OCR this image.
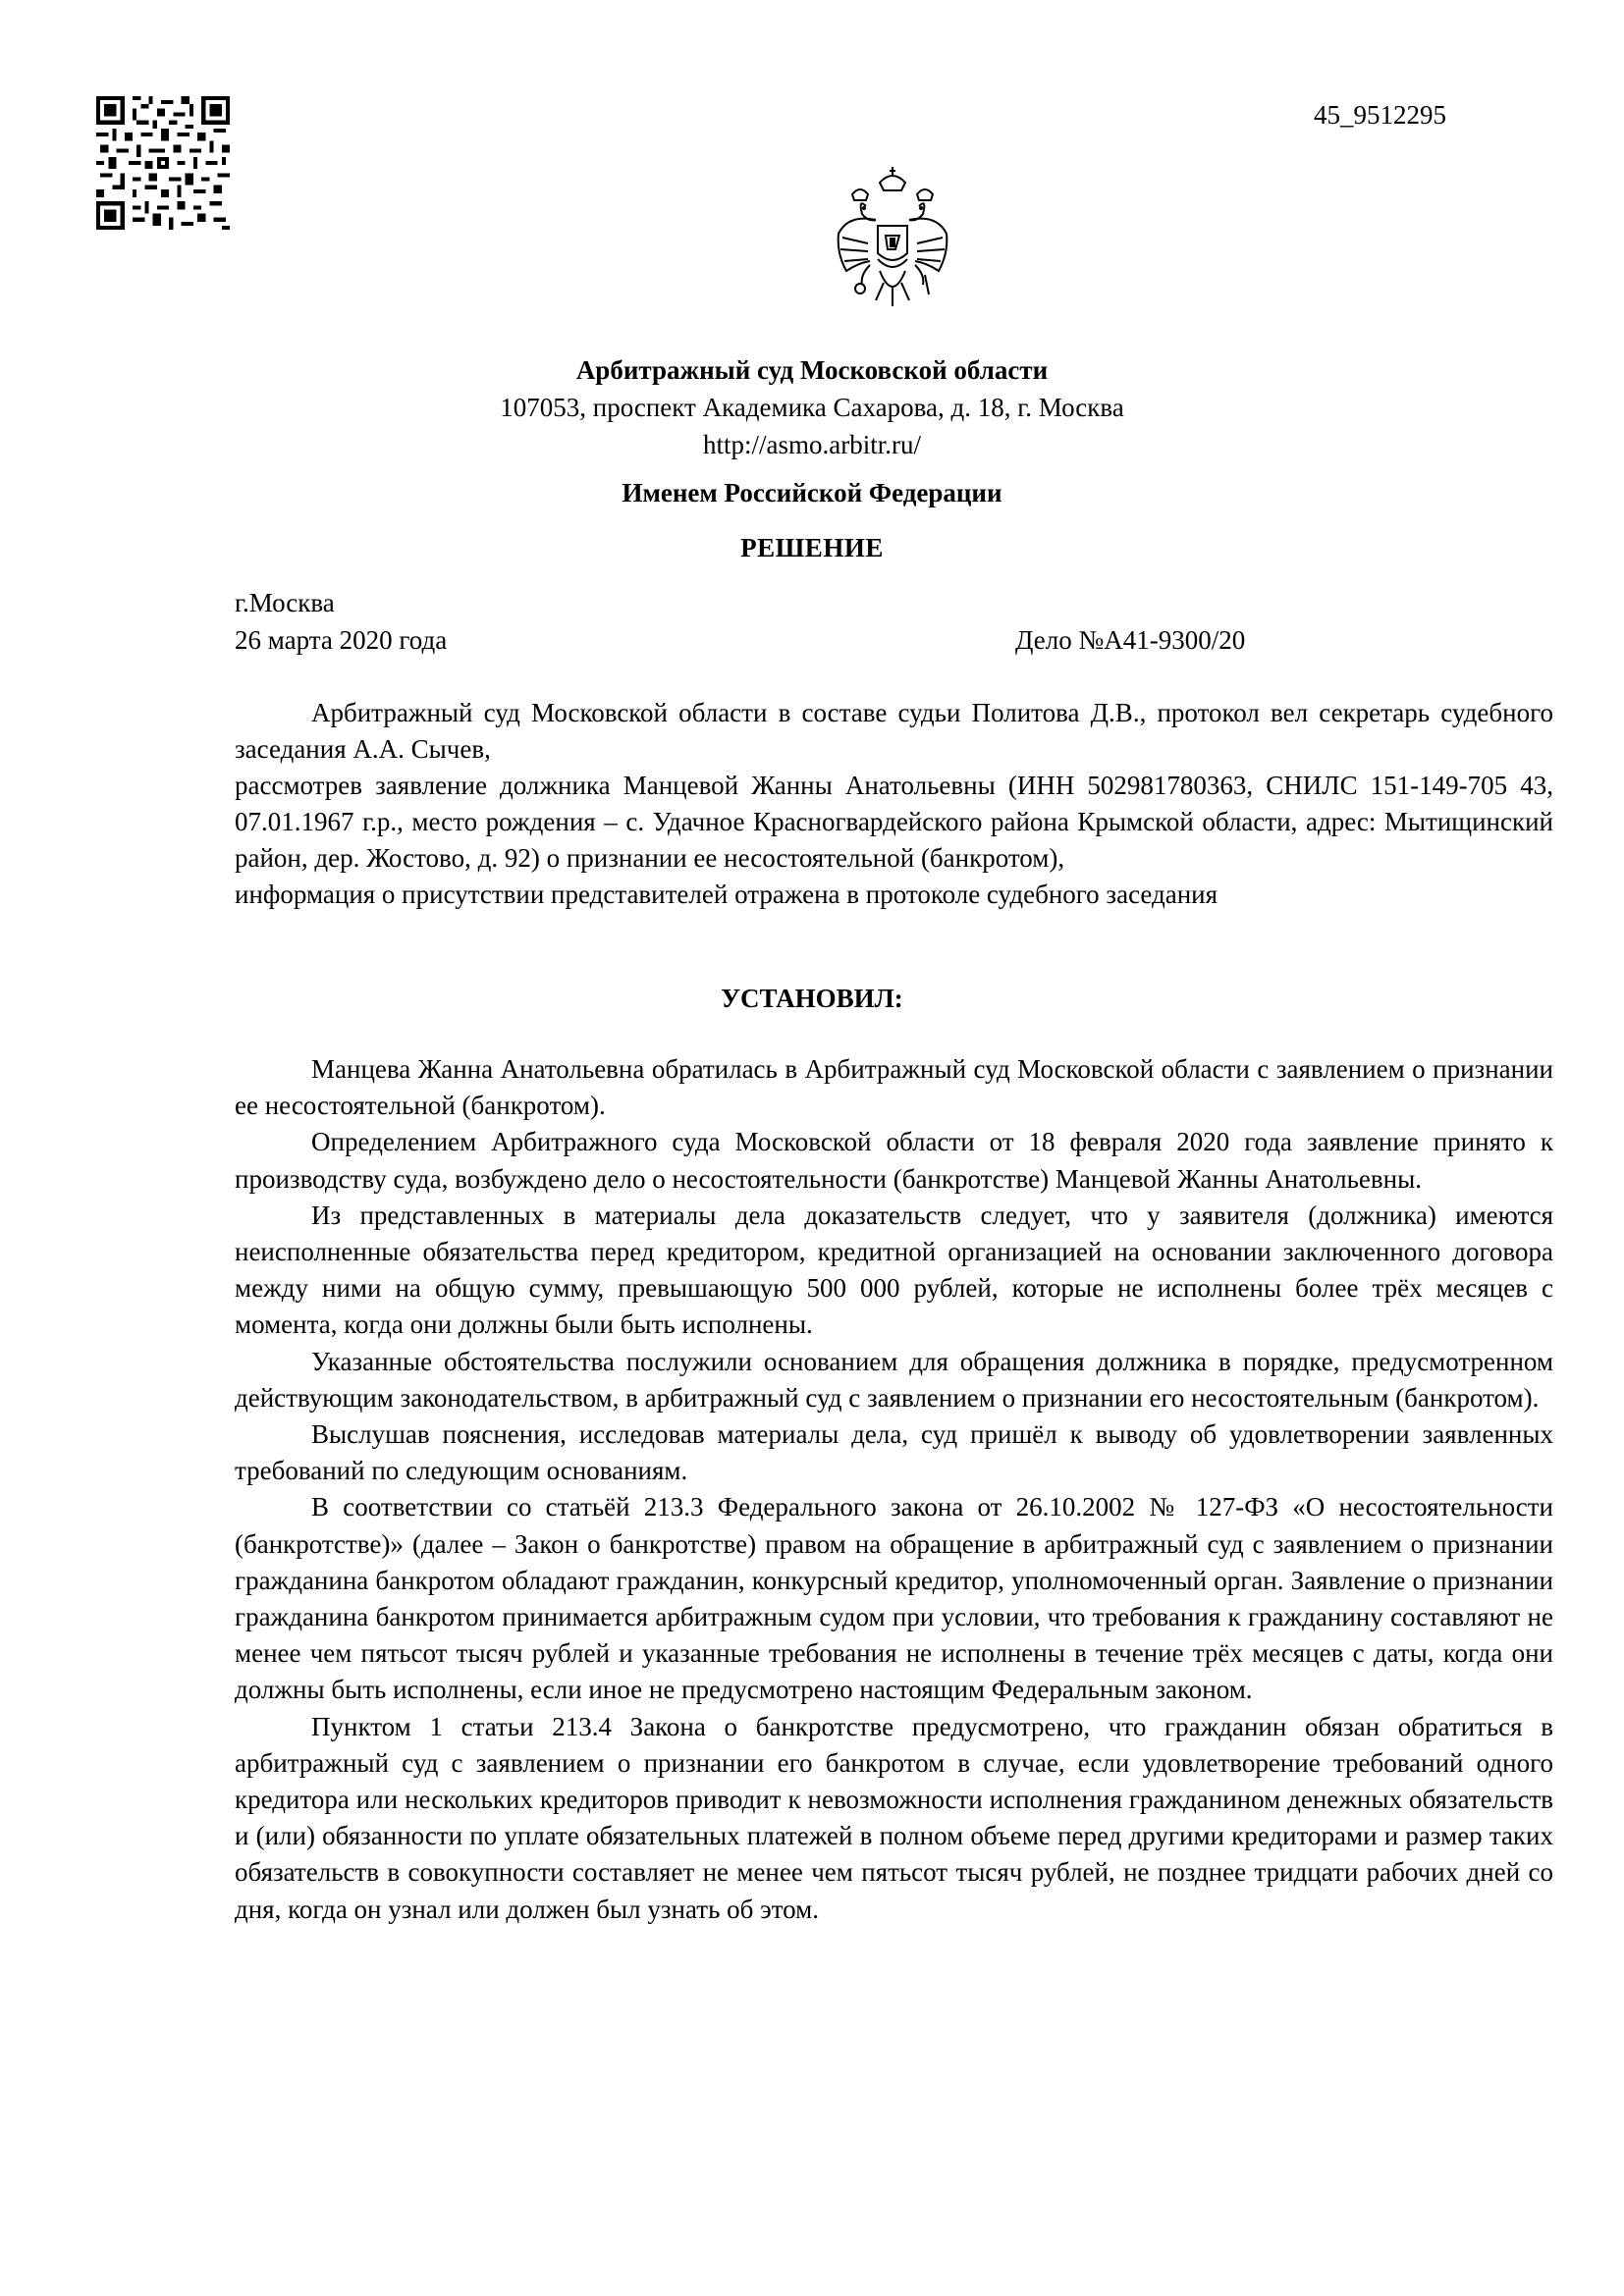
45_9512295
Арбитражный суд Московской области
107053, проспект Академика Сахарова, д. 18, г. Москва
http://asmo.arbitr.ru/
Именем Российской Федерации
РЕШЕНИЕ
г.Москва
26 марта 2020 года	Дело №А41-9300/20

Арбитражный суд Московской области в составе судьи Политова Д.В., протокол вел секретарь судебного заседания А.А. Сычев,

рассмотрев заявление должника Манцевой Жанны Анатольевны (ИНН 502981780363, СНИЛС 151-149-705 43, 07.01.1967 г.р., место рождения – с. Удачное Красногвардейского района Крымской области, адрес: Мытищинский район, дер. Жостово, д. 92) о признании ее несостоятельной (банкротом),

информация о присутствии представителей отражена в протоколе судебного заседания

УСТАНОВИЛ:

Манцева Жанна Анатольевна обратилась в Арбитражный суд Московской области с заявлением о признании ее несостоятельной (банкротом).

Определением Арбитражного суда Московской области от 18 февраля 2020 года заявление принято к производству суда, возбуждено дело о несостоятельности (банкротстве) Манцевой Жанны Анатольевны.

Из представленных в материалы дела доказательств следует, что у заявителя (должника) имеются неисполненные обязательства перед кредитором, кредитной организацией на основании заключенного договора между ними на общую сумму, превышающую 500 000 рублей, которые не исполнены более трёх месяцев с момента, когда они должны были быть исполнены.

Указанные обстоятельства послужили основанием для обращения должника в порядке, предусмотренном действующим законодательством, в арбитражный суд с заявлением о признании его несостоятельным (банкротом).

Выслушав пояснения, исследовав материалы дела, суд пришёл к выводу об удовлетворении заявленных требований по следующим основаниям.

В соответствии со статьёй 213.3 Федерального закона от 26.10.2002 № 127-ФЗ «О несостоятельности (банкротстве)» (далее – Закон о банкротстве) правом на обращение в арбитражный суд с заявлением о признании гражданина банкротом обладают гражданин, конкурсный кредитор, уполномоченный орган. Заявление о признании гражданина банкротом принимается арбитражным судом при условии, что требования к гражданину составляют не менее чем пятьсот тысяч рублей и указанные требования не исполнены в течение трёх месяцев с даты, когда они должны быть исполнены, если иное не предусмотрено настоящим Федеральным законом.

Пунктом 1 статьи 213.4 Закона о банкротстве предусмотрено, что гражданин обязан обратиться в арбитражный суд с заявлением о признании его банкротом в случае, если удовлетворение требований одного кредитора или нескольких кредиторов приводит к невозможности исполнения гражданином денежных обязательств и (или) обязанности по уплате обязательных платежей в полном объеме перед другими кредиторами и размер таких обязательств в совокупности составляет не менее чем пятьсот тысяч рублей, не позднее тридцати рабочих дней со дня, когда он узнал или должен был узнать об этом.
